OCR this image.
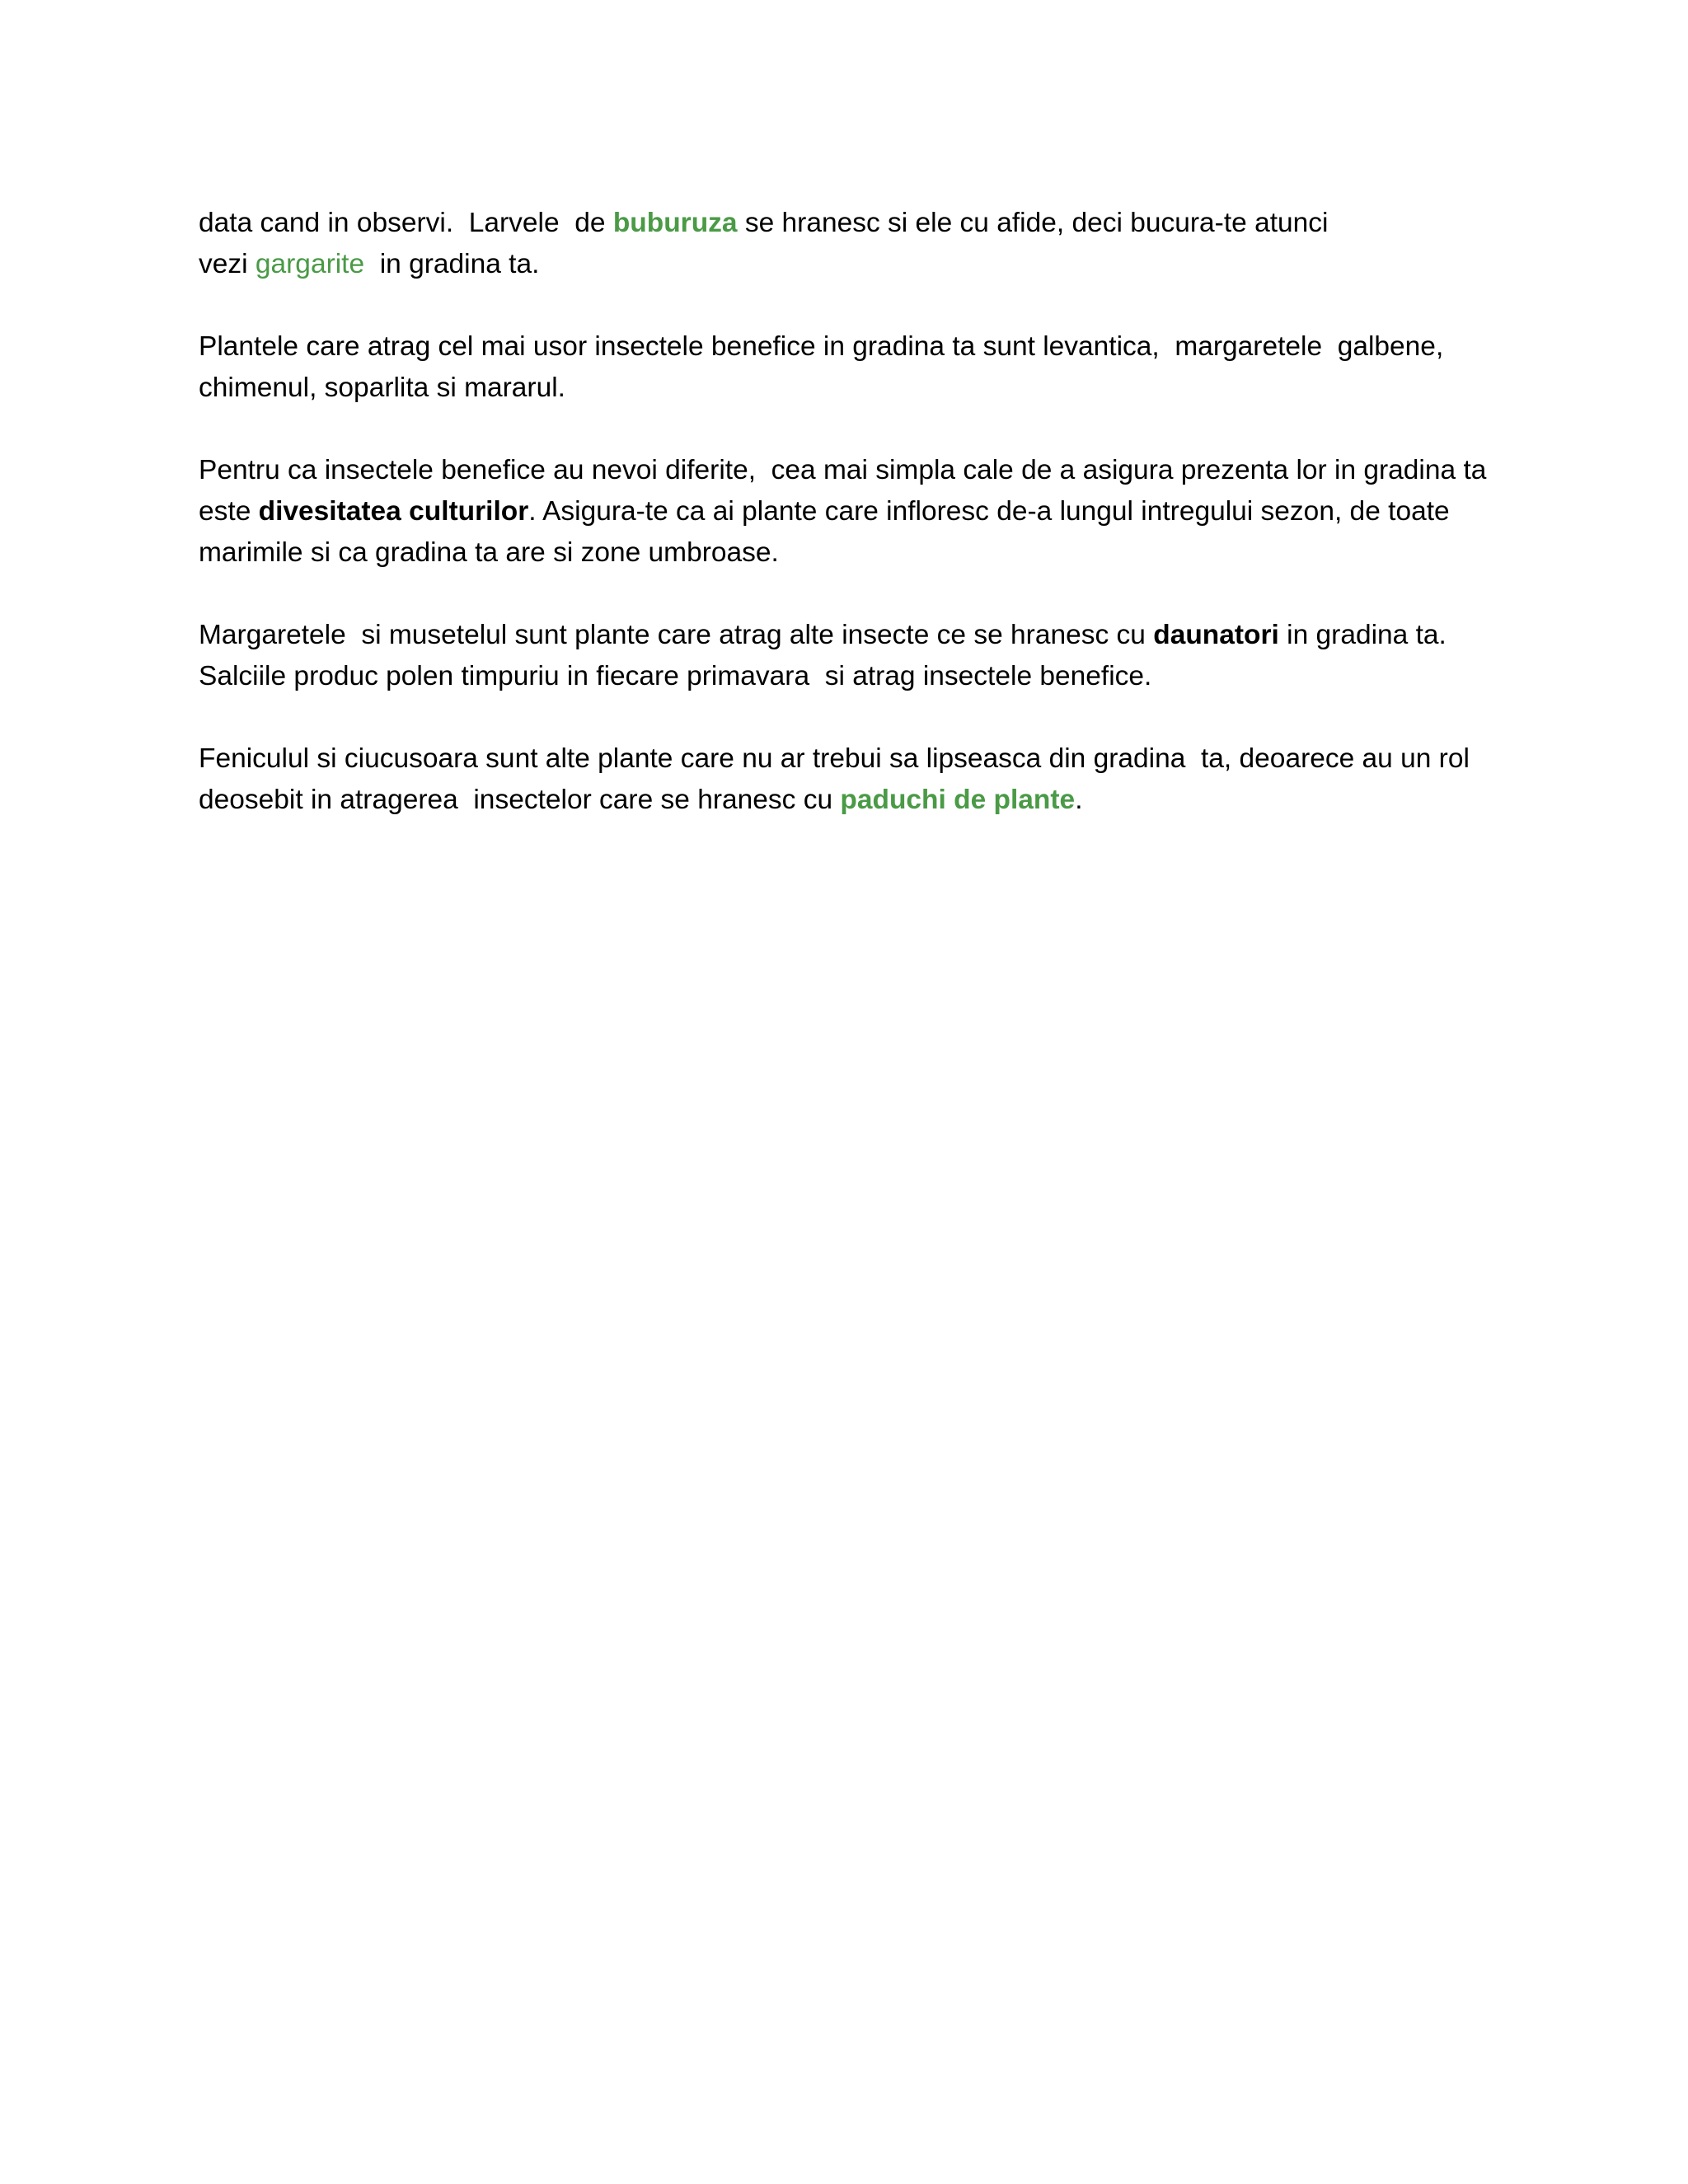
data cand in observi.  Larvele  de buburuza se hranesc si ele cu afide, deci bucura-te atunci
vezi gargarite  in gradina ta.

Plantele care atrag cel mai usor insectele benefice in gradina ta sunt levantica,  margaretele  galbene,
chimenul, soparlita si mararul.

Pentru ca insectele benefice au nevoi diferite,  cea mai simpla cale de a asigura prezenta lor in gradina ta
este divesitatea culturilor. Asigura-te ca ai plante care infloresc de-a lungul intregului sezon, de toate
marimile si ca gradina ta are si zone umbroase.

Margaretele  si musetelul sunt plante care atrag alte insecte ce se hranesc cu daunatori in gradina ta.
Salciile produc polen timpuriu in fiecare primavara  si atrag insectele benefice.

Feniculul si ciucusoara sunt alte plante care nu ar trebui sa lipseasca din gradina  ta, deoarece au un rol
deosebit in atragerea  insectelor care se hranesc cu paduchi de plante.
